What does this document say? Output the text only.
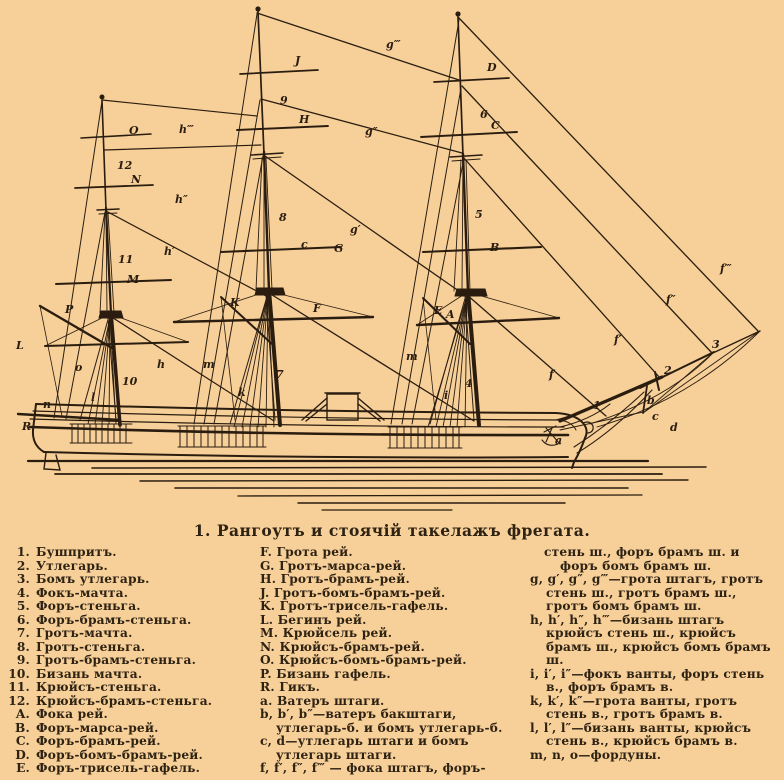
1
2
3
4
5
6
7
8
9
10
11
12
A
B
C
D
E
F
G
H
J
K
k
L
M
N
O
P
R
a
b
c
d
c
f
f′
f″
f‴
g′
g″
g‴
h
h′
h″
h‴
i
l
m
m
n
o
1. Рангоутъ и стоячій такелажъ фрегата.

1. Бушпритъ.

2. Утлегарь.

3. Бомъ утлегарь.

4. Фокъ-мачта.

5. Форъ-стеньга.

6. Форъ-брамъ-стеньга.

7. Гротъ-мачта.

8. Гротъ-стеньга.

9. Гротъ-брамъ-стеньга.

10. Бизань мачта.

11. Крюйсъ-стеньга.

12. Крюйсъ-брамъ-стеньга.

A. Фока рей.

B. Форъ-марса-рей.

C. Форъ-брамъ-рей.

D. Форъ-бомъ-брамъ-рей.

E. Форъ-трисель-гафель.

F. Грота рей.

G. Гротъ-марса-рей.

H. Гротъ-брамъ-рей.

J. Гротъ-бомъ-брамъ-рей.

K. Гротъ-трисель-гафель.

L. Бегинъ рей.

M. Крюйсель рей.

N. Крюйсъ-брамъ-рей.

O. Крюйсъ-бомъ-брамъ-рей.

P. Бизань гафель.

R. Гикъ.

a. Ватеръ штаги.

b, b′, b″—ватеръ бакштаги, утлегарь-б. и бомъ утлегарь-б.

c, d—утлегарь штаги и бомъ утлегарь штаги.

f, f′, f″, f‴ — фока штагъ, форъ-

стень ш., форъ брамъ ш. и форъ бомъ брамъ ш.

g, g′, g″, g‴—грота штагъ, гротъ стень ш., гротъ брамъ ш., гротъ бомъ брамъ ш.

h, h′, h″, h‴—бизань штагъ крюйсъ стень ш., крюйсъ брамъ ш., крюйсъ бомъ брамъ ш.

i, i′, i″—фокъ ванты, форъ стень в., форъ брамъ в.

k, k′, k″—грота ванты, гротъ стень в., гротъ брамъ в.

l, l′, l″—бизань ванты, крюйсъ стень в., крюйсъ брамъ в.

m, n, o—фордуны.
